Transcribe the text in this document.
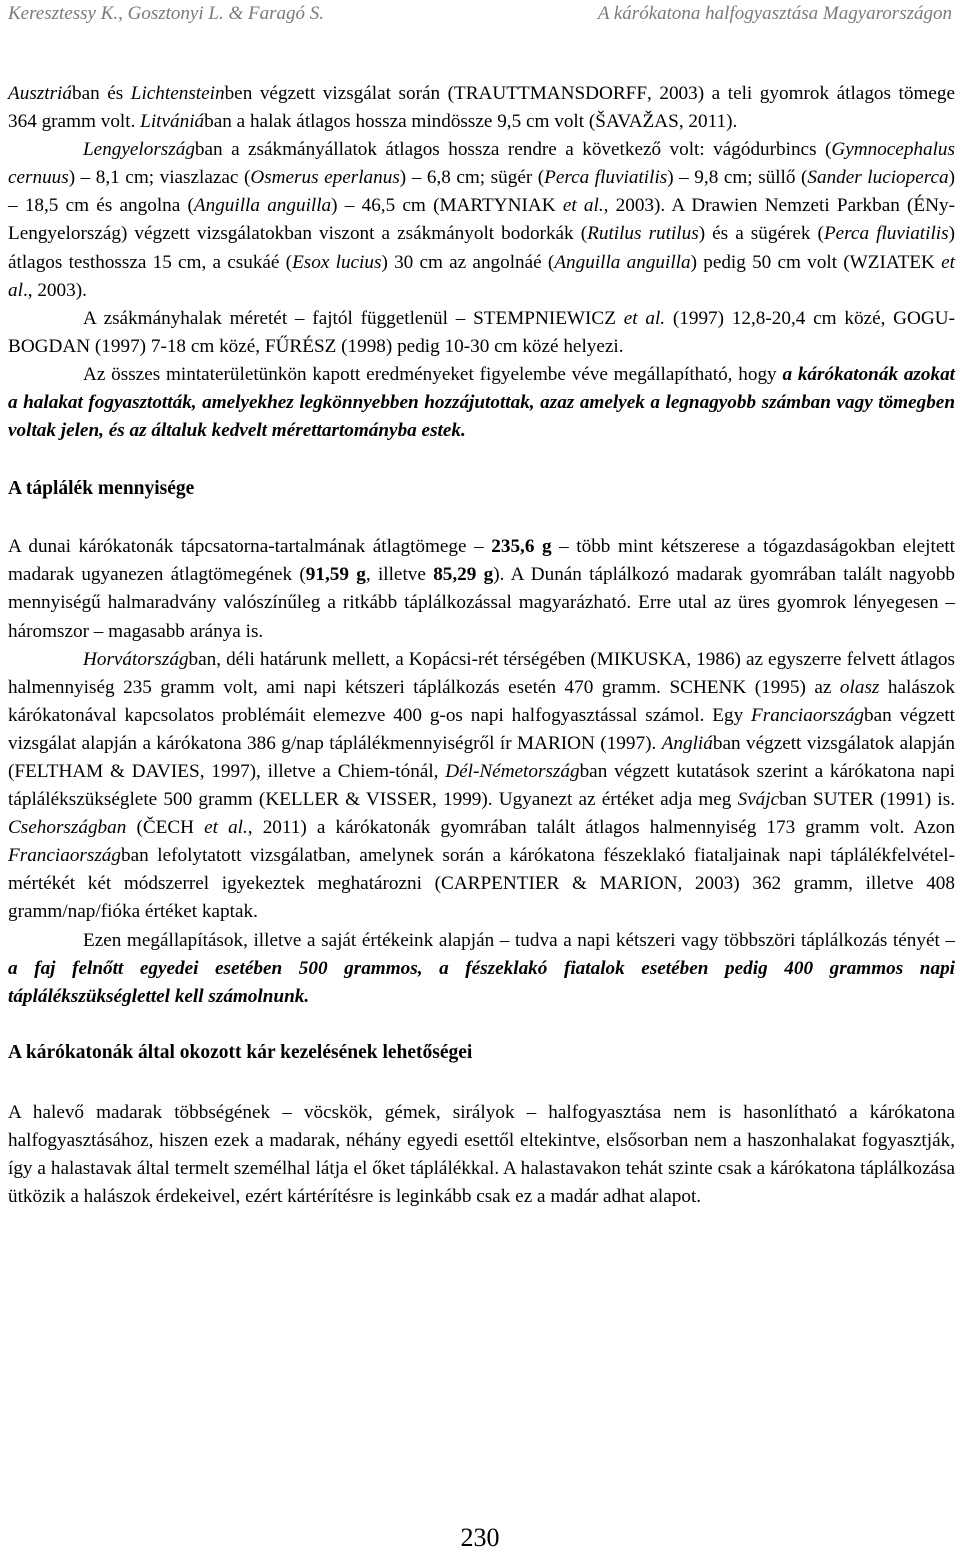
Keresztessy K., Gosztonyi L. & Faragó S.	A kárókatona halfogyasztása Magyarországon

Ausztriában és Lichtensteinben végzett vizsgálat során (TRAUTTMANSDORFF, 2003) a teli gyomrok átlagos tömege 364 gramm volt. Litvániában a halak átlagos hossza mindössze 9,5 cm volt (ŠAVAŽAS, 2011).

Lengyelországban a zsákmányállatok átlagos hossza rendre a következő volt: vágódurbincs (Gymnocephalus cernuus) – 8,1 cm; viaszlazac (Osmerus eperlanus) – 6,8 cm; sügér (Perca fluviatilis) – 9,8 cm; süllő (Sander lucioperca) – 18,5 cm és angolna (Anguilla anguilla) – 46,5 cm (MARTYNIAK et al., 2003). A Drawien Nemzeti Parkban (ÉNy-Lengyelország) végzett vizsgálatokban viszont a zsákmányolt bodorkák (Rutilus rutilus) és a sügérek (Perca fluviatilis) átlagos testhossza 15 cm, a csukáé (Esox lucius) 30 cm az angolnáé (Anguilla anguilla) pedig 50 cm volt (WZIATEK et al., 2003).

A zsákmányhalak méretét – fajtól függetlenül – STEMPNIEWICZ et al. (1997) 12,8-20,4 cm közé, GOGU-BOGDAN (1997) 7-18 cm közé, FŰRÉSZ (1998) pedig 10-30 cm közé helyezi.

Az összes mintaterületünkön kapott eredményeket figyelembe véve megállapítható, hogy a kárókatonák azokat a halakat fogyasztották, amelyekhez legkönnyebben hozzájutottak, azaz amelyek a legnagyobb számban vagy tömegben voltak jelen, és az általuk kedvelt mérettartományba estek.

A táplálék mennyisége

A dunai kárókatonák tápcsatorna-tartalmának átlagtömege – 235,6 g – több mint kétszerese a tógazdaságokban elejtett madarak ugyanezen átlagtömegének (91,59 g, illetve 85,29 g). A Dunán táplálkozó madarak gyomrában talált nagyobb mennyiségű halmaradvány valószínűleg a ritkább táplálkozással magyarázható. Erre utal az üres gyomrok lényegesen – háromszor – magasabb aránya is.

Horvátországban, déli határunk mellett, a Kopácsi-rét térségében (MIKUSKA, 1986) az egyszerre felvett átlagos halmennyiség 235 gramm volt, ami napi kétszeri táplálkozás esetén 470 gramm. SCHENK (1995) az olasz halászok kárókatonával kapcsolatos problémáit elemezve 400 g-os napi halfogyasztással számol. Egy Franciaországban végzett vizsgálat alapján a kárókatona 386 g/nap táplálékmennyiségről ír MARION (1997). Angliában végzett vizsgálatok alapján (FELTHAM & DAVIES, 1997), illetve a Chiem-tónál, Dél-Németországban végzett kutatások szerint a kárókatona napi táplálékszükséglete 500 gramm (KELLER & VISSER, 1999). Ugyanezt az értéket adja meg Svájcban SUTER (1991) is. Csehországban (ČECH et al., 2011) a kárókatonák gyomrában talált átlagos halmennyiség 173 gramm volt. Azon Franciaországban lefolytatott vizsgálatban, amelynek során a kárókatona fészeklakó fiataljainak napi táplálékfelvétel-mértékét két módszerrel igyekeztek meghatározni (CARPENTIER & MARION, 2003) 362 gramm, illetve 408 gramm/nap/fióka értéket kaptak.

Ezen megállapítások, illetve a saját értékeink alapján – tudva a napi kétszeri vagy többszöri táplálkozás tényét – a faj felnőtt egyedei esetében 500 grammos, a fészeklakó fiatalok esetében pedig 400 grammos napi táplálékszükséglettel kell számolnunk.

A kárókatonák által okozott kár kezelésének lehetőségei

A halevő madarak többségének – vöcskök, gémek, sirályok – halfogyasztása nem is hasonlítható a kárókatona halfogyasztásához, hiszen ezek a madarak, néhány egyedi esettől eltekintve, elsősorban nem a haszonhalakat fogyasztják, így a halastavak által termelt személhal látja el őket táplálékkal. A halastavakon tehát szinte csak a kárókatona táplálkozása ütközik a halászok érdekeivel, ezért kártérítésre is leginkább csak ez a madár adhat alapot.

230
